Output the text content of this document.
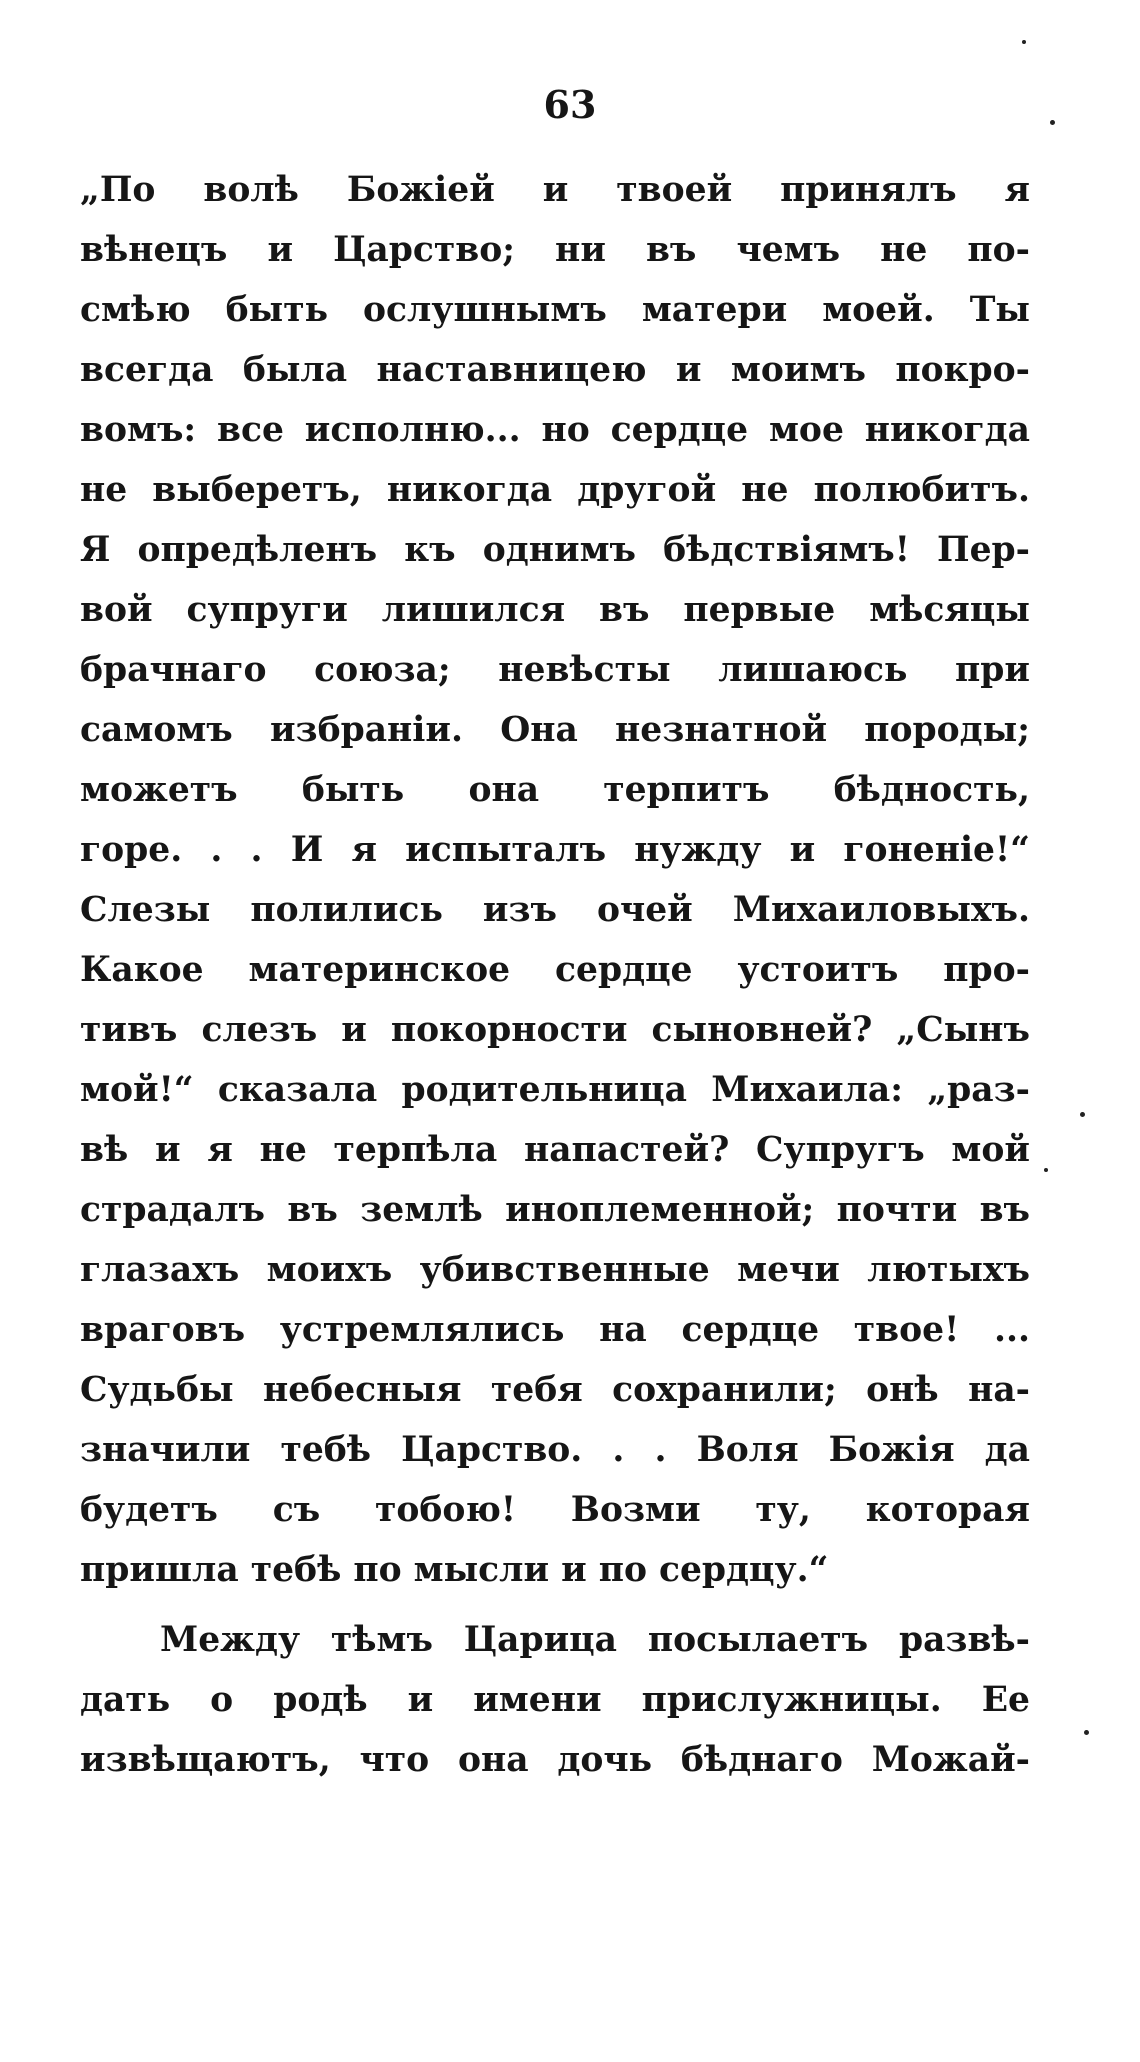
63
„По волѣ Божіей и твоей принялъ я
вѣнецъ и Царство; ни въ чемъ не по-
смѣю быть ослушнымъ матери моей. Ты
всегда была наставницею и моимъ покро-
вомъ: все исполню... но сердце мое никогда
не выберетъ, никогда другой не полюбитъ.
Я опредѣленъ къ однимъ бѣдствіямъ! Пер-
вой супруги лишился въ первые мѣсяцы
брачнаго союза; невѣсты лишаюсь при
самомъ избраніи. Она незнатной породы;
можетъ быть она терпитъ бѣдность,
горе. . . И я испыталъ нужду и гоненіе!“
Слезы полились изъ очей Михаиловыхъ.
Какое материнское сердце устоитъ про-
тивъ слезъ и покорности сыновней? „Сынъ
мой!“ сказала родительница Михаила: „раз-
вѣ и я не терпѣла напастей? Супругъ мой
страдалъ въ землѣ иноплеменной; почти въ
глазахъ моихъ убивственные мечи лютыхъ
враговъ устремлялись на сердце твое! ...
Судьбы небесныя тебя сохранили; онѣ на-
значили тебѣ Царство. . . Воля Божія да
будетъ съ тобою! Возми ту, которая
пришла тебѣ по мысли и по сердцу.“
Между тѣмъ Царица посылаетъ развѣ-
дать о родѣ и имени прислужницы. Ее
извѣщаютъ, что она дочь бѣднаго Можай-
